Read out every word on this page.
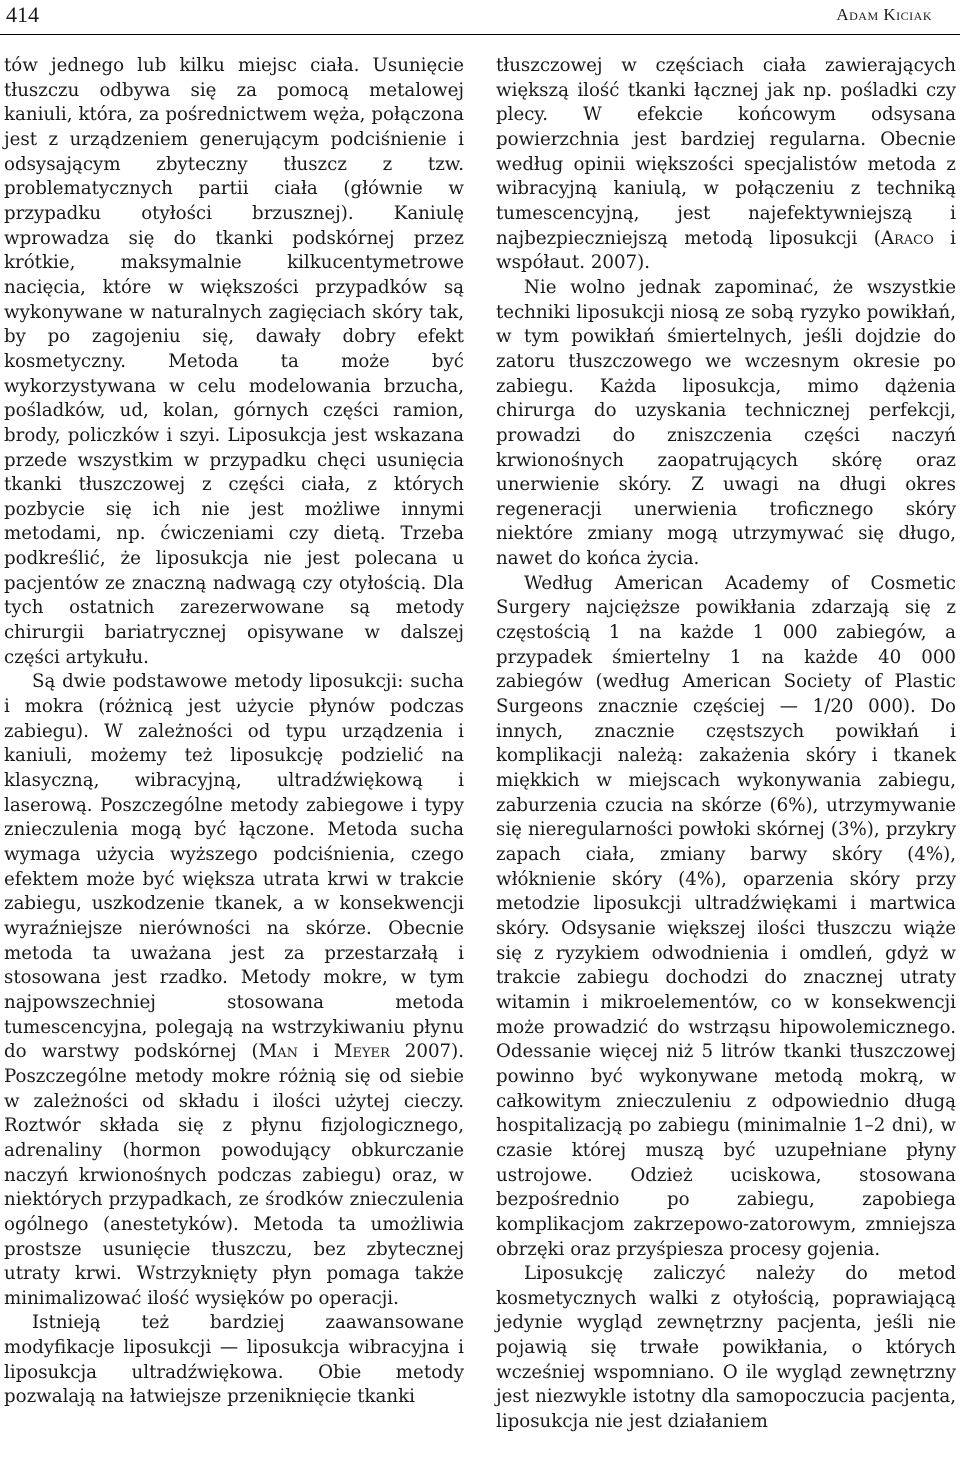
414	Adam Kiciak

tów jednego lub kilku miejsc ciała. Usunięcie tłuszczu odbywa się za pomocą metalowej kaniuli, która, za pośrednictwem węża, połączona jest z urządzeniem generującym podciśnienie i odsysającym zbyteczny tłuszcz z tzw. problematycznych partii ciała (głównie w przypadku otyłości brzusznej). Kaniulę wprowadza się do tkanki podskórnej przez krótkie, maksymalnie kilkucentymetrowe nacięcia, które w większości przypadków są wykonywane w naturalnych zagięciach skóry tak, by po zagojeniu się, dawały dobry efekt kosmetyczny. Metoda ta może być wykorzystywana w celu modelowania brzucha, pośladków, ud, kolan, górnych części ramion, brody, policzków i szyi. Liposukcja jest wskazana przede wszystkim w przypadku chęci usunięcia tkanki tłuszczowej z części ciała, z których pozbycie się ich nie jest możliwe innymi metodami, np. ćwiczeniami czy dietą. Trzeba podkreślić, że liposukcja nie jest polecana u pacjentów ze znaczną nadwagą czy otyłością. Dla tych ostatnich zarezerwowane są metody chirurgii bariatrycznej opisywane w dalszej części artykułu.

Są dwie podstawowe metody liposukcji: sucha i mokra (różnicą jest użycie płynów podczas zabiegu). W zależności od typu urządzenia i kaniuli, możemy też liposukcję podzielić na klasyczną, wibracyjną, ultradźwiękową i laserową. Poszczególne metody zabiegowe i typy znieczulenia mogą być łączone. Metoda sucha wymaga użycia wyższego podciśnienia, czego efektem może być większa utrata krwi w trakcie zabiegu, uszkodzenie tkanek, a w konsekwencji wyraźniejsze nierówności na skórze. Obecnie metoda ta uważana jest za przestarzałą i stosowana jest rzadko. Metody mokre, w tym najpowszechniej stosowana metoda tumescencyjna, polegają na wstrzykiwaniu płynu do warstwy podskórnej (Man i Meyer 2007). Poszczególne metody mokre różnią się od siebie w zależności od składu i ilości użytej cieczy. Roztwór składa się z płynu fizjologicznego, adrenaliny (hormon powodujący obkurczanie naczyń krwionośnych podczas zabiegu) oraz, w niektórych przypadkach, ze środków znieczulenia ogólnego (anestetyków). Metoda ta umożliwia prostsze usunięcie tłuszczu, bez zbytecznej utraty krwi. Wstrzyknięty płyn pomaga także minimalizować ilość wysięków po operacji.

Istnieją też bardziej zaawansowane modyfikacje liposukcji — liposukcja wibracyjna i liposukcja ultradźwiękowa. Obie metody pozwalają na łatwiejsze przeniknięcie tkanki

tłuszczowej w częściach ciała zawierających większą ilość tkanki łącznej jak np. pośladki czy plecy. W efekcie końcowym odsysana powierzchnia jest bardziej regularna. Obecnie według opinii większości specjalistów metoda z wibracyjną kaniulą, w połączeniu z techniką tumescencyjną, jest najefektywniejszą i najbezpieczniejszą metodą liposukcji (Araco i współaut. 2007).

Nie wolno jednak zapominać, że wszystkie techniki liposukcji niosą ze sobą ryzyko powikłań, w tym powikłań śmiertelnych, jeśli dojdzie do zatoru tłuszczowego we wczesnym okresie po zabiegu. Każda liposukcja, mimo dążenia chirurga do uzyskania technicznej perfekcji, prowadzi do zniszczenia części naczyń krwionośnych zaopatrujących skórę oraz unerwienie skóry. Z uwagi na długi okres regeneracji unerwienia troficznego skóry niektóre zmiany mogą utrzymywać się długo, nawet do końca życia.

Według American Academy of Cosmetic Surgery najcięższe powikłania zdarzają się z częstością 1 na każde 1 000 zabiegów, a przypadek śmiertelny 1 na każde 40 000 zabiegów (według American Society of Plastic Surgeons znacznie częściej — 1/20 000). Do innych, znacznie częstszych powikłań i komplikacji należą: zakażenia skóry i tkanek miękkich w miejscach wykonywania zabiegu, zaburzenia czucia na skórze (6%), utrzymywanie się nieregularności powłoki skórnej (3%), przykry zapach ciała, zmiany barwy skóry (4%), włóknienie skóry (4%), oparzenia skóry przy metodzie liposukcji ultradźwiękami i martwica skóry. Odsysanie większej ilości tłuszczu wiąże się z ryzykiem odwodnienia i omdleń, gdyż w trakcie zabiegu dochodzi do znacznej utraty witamin i mikroelementów, co w konsekwencji może prowadzić do wstrząsu hipowolemicznego. Odessanie więcej niż 5 litrów tkanki tłuszczowej powinno być wykonywane metodą mokrą, w całkowitym znieczuleniu z odpowiednio długą hospitalizacją po zabiegu (minimalnie 1–2 dni), w czasie której muszą być uzupełniane płyny ustrojowe. Odzież uciskowa, stosowana bezpośrednio po zabiegu, zapobiega komplikacjom zakrzepowo-zatorowym, zmniejsza obrzęki oraz przyśpiesza procesy gojenia.

Liposukcję zaliczyć należy do metod kosmetycznych walki z otyłością, poprawiającą jedynie wygląd zewnętrzny pacjenta, jeśli nie pojawią się trwałe powikłania, o których wcześniej wspomniano. O ile wygląd zewnętrzny jest niezwykle istotny dla samopoczucia pacjenta, liposukcja nie jest działaniem
